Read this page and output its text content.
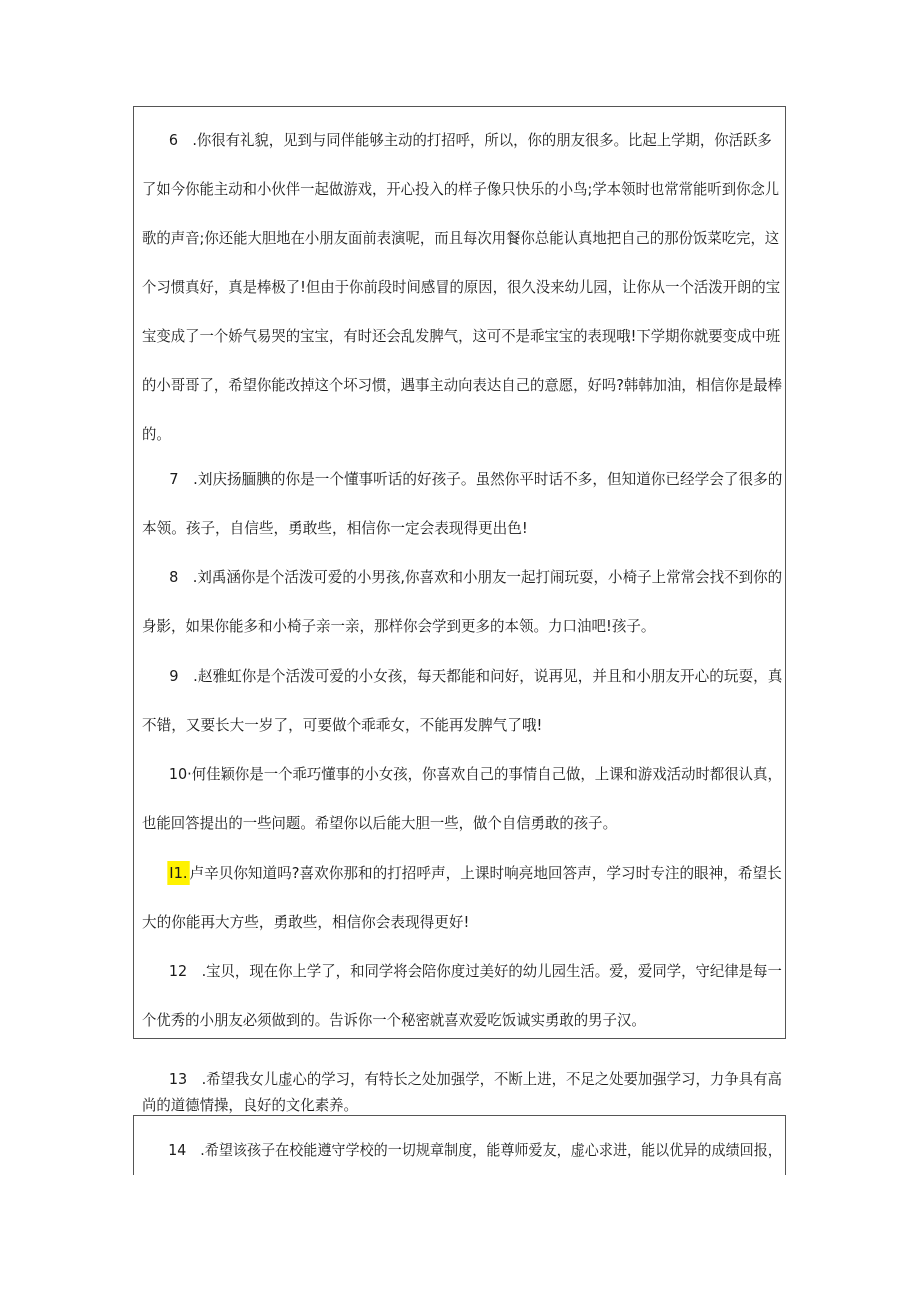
6　.你很有礼貌，见到与同伴能够主动的打招呼，所以，你的朋友很多。比起上学期，你活跃多
了如今你能主动和小伙伴一起做游戏，开心投入的样子像只快乐的小鸟;学本领时也常常能听到你念儿
歌的声音;你还能大胆地在小朋友面前表演呢，而且每次用餐你总能认真地把自己的那份饭菜吃完，这
个习惯真好，真是棒极了!但由于你前段时间感冒的原因，很久没来幼儿园，让你从一个活泼开朗的宝
宝变成了一个娇气易哭的宝宝，有时还会乱发脾气，这可不是乖宝宝的表现哦!下学期你就要变成中班
的小哥哥了，希望你能改掉这个坏习惯，遇事主动向表达自己的意愿，好吗?韩韩加油，相信你是最棒
的。
7　.刘庆扬腼腆的你是一个懂事听话的好孩子。虽然你平时话不多，但知道你已经学会了很多的
本领。孩子，自信些，勇敢些，相信你一定会表现得更出色!
8　.刘禹涵你是个活泼可爱的小男孩,你喜欢和小朋友一起打闹玩耍，小椅子上常常会找不到你的
身影，如果你能多和小椅子亲一亲，那样你会学到更多的本领。力口油吧!孩子。
9　.赵雅虹你是个活泼可爱的小女孩，每天都能和问好，说再见，并且和小朋友开心的玩耍，真
不错，又要长大一岁了，可要做个乖乖女，不能再发脾气了哦!
10·何佳颖你是一个乖巧懂事的小女孩，你喜欢自己的事情自己做，上课和游戏活动时都很认真，
也能回答提出的一些问题。希望你以后能大胆一些，做个自信勇敢的孩子。
I1. 卢辛贝你知道吗?喜欢你那和的打招呼声，上课时响亮地回答声，学习时专注的眼神，希望长
大的你能再大方些，勇敢些，相信你会表现得更好!
12　.宝贝，现在你上学了，和同学将会陪你度过美好的幼儿园生活。爱，爱同学，守纪律是每一
个优秀的小朋友必须做到的。告诉你一个秘密就喜欢爱吃饭诚实勇敢的男子汉。
13　.希望我女儿虚心的学习，有特长之处加强学，不断上进，不足之处要加强学习，力争具有高
尚的道德情操，良好的文化素养。
14　.希望该孩子在校能遵守学校的一切规章制度，能尊师爱友，虚心求进，能以优异的成绩回报，
